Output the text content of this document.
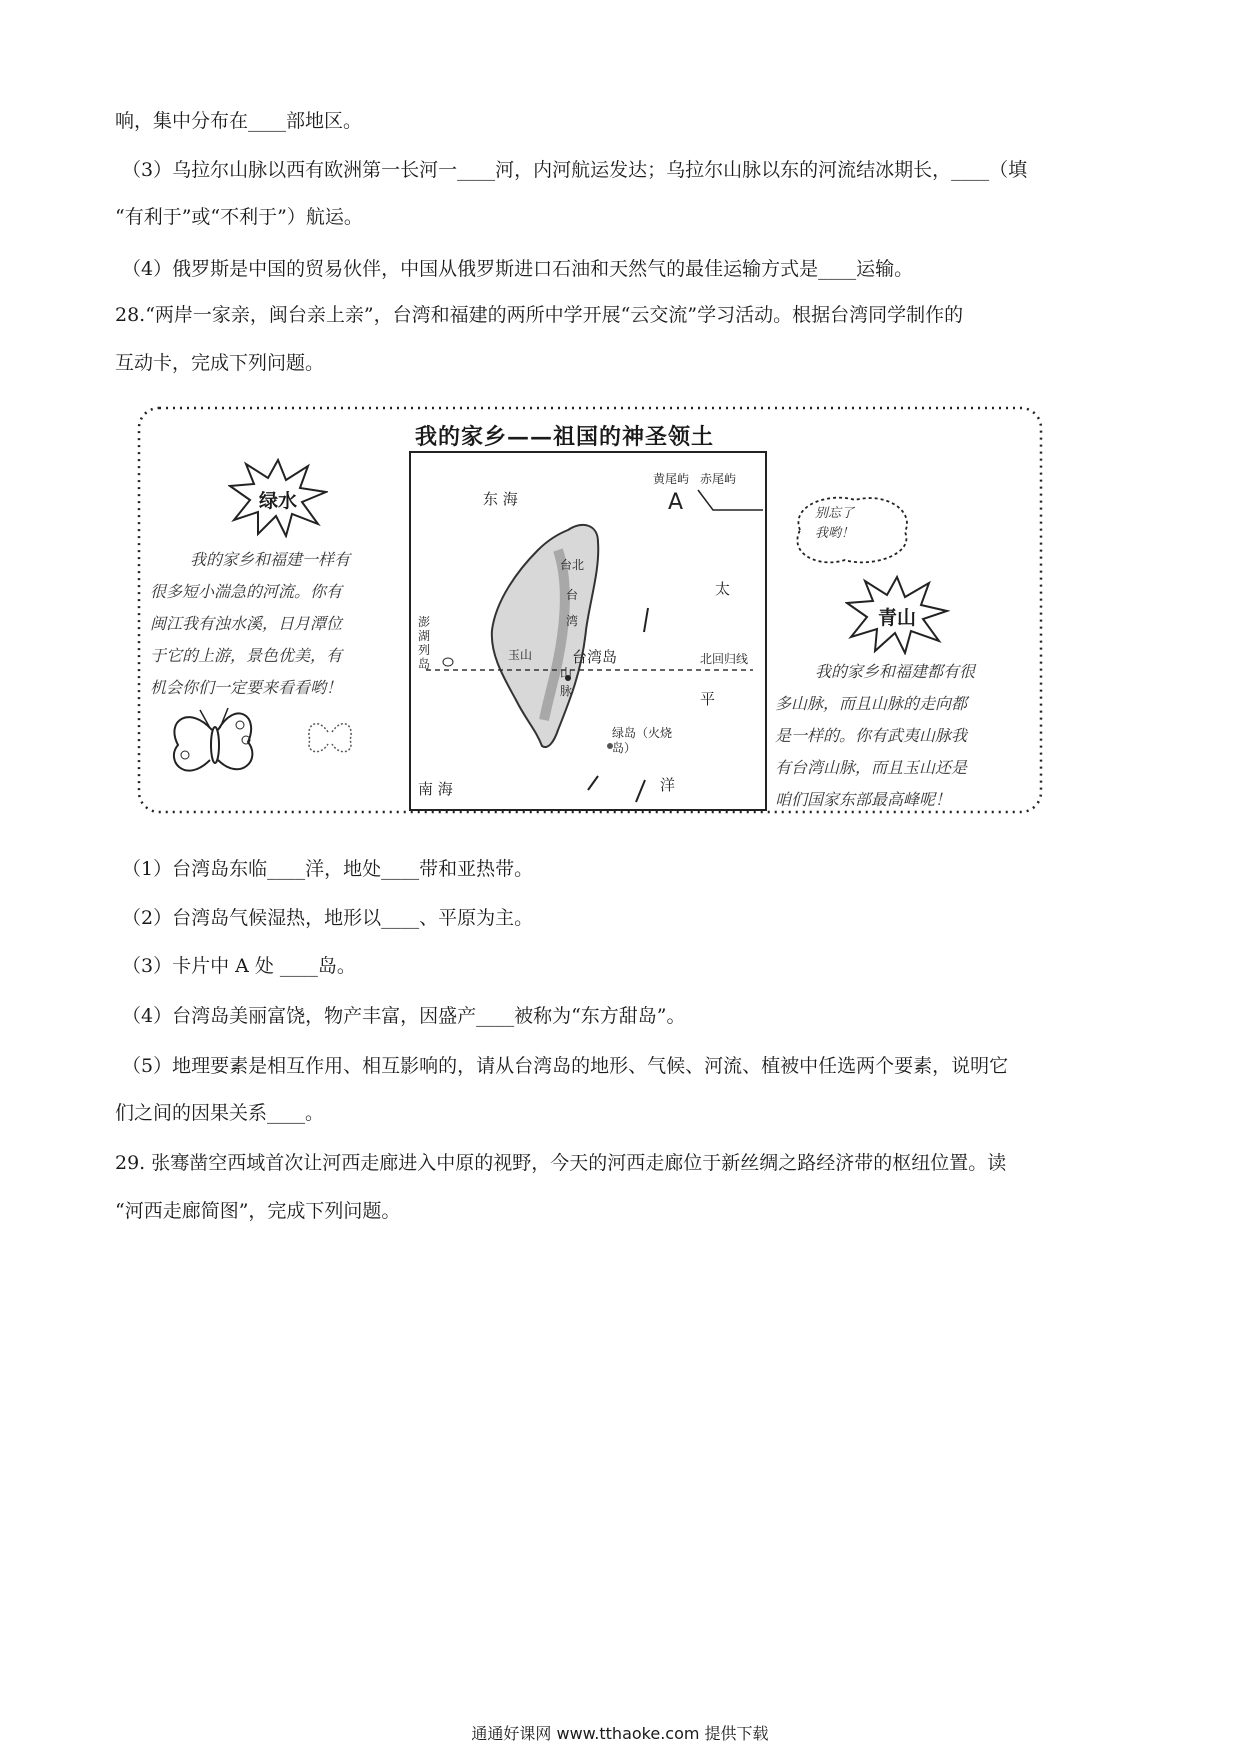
响，集中分布在____部地区。
（3）乌拉尔山脉以西有欧洲第一长河一____河，内河航运发达；乌拉尔山脉以东的河流结冰期长，____（填
“有利于”或“不利于”）航运。
（4）俄罗斯是中国的贸易伙伴，中国从俄罗斯进口石油和天然气的最佳运输方式是____运输。
28.“两岸一家亲，闽台亲上亲”，台湾和福建的两所中学开展“云交流”学习活动。根据台湾同学制作的
互动卡，完成下列问题。
我的家乡——祖国的神圣领土
绿水
我的家乡和福建一样有
很多短小湍急的河流。你有
闽江我有浊水溪，日月潭位
于它的上游，景色优美，有
机会你们一定要来看看哟！
东 海
黄尾屿 赤尾屿
A
太
平
洋
南 海
台北
澎湖列岛
玉山	台湾岛	北回归线
绿岛（火烧岛）
台
湾
山
脉
别忘了
我哟！
青山
我的家乡和福建都有很
多山脉，而且山脉的走向都
是一样的。你有武夷山脉我
有台湾山脉，而且玉山还是
咱们国家东部最高峰呢！
（1）台湾岛东临____洋，地处____带和亚热带。
（2）台湾岛气候湿热，地形以____、平原为主。
（3）卡片中 A 处 ____岛。
（4）台湾岛美丽富饶，物产丰富，因盛产____被称为“东方甜岛”。
（5）地理要素是相互作用、相互影响的，请从台湾岛的地形、气候、河流、植被中任选两个要素，说明它
们之间的因果关系____。
29. 张骞凿空西域首次让河西走廊进入中原的视野，今天的河西走廊位于新丝绸之路经济带的枢纽位置。读
“河西走廊简图”，完成下列问题。
通通好课网 www.tthaoke.com 提供下载
